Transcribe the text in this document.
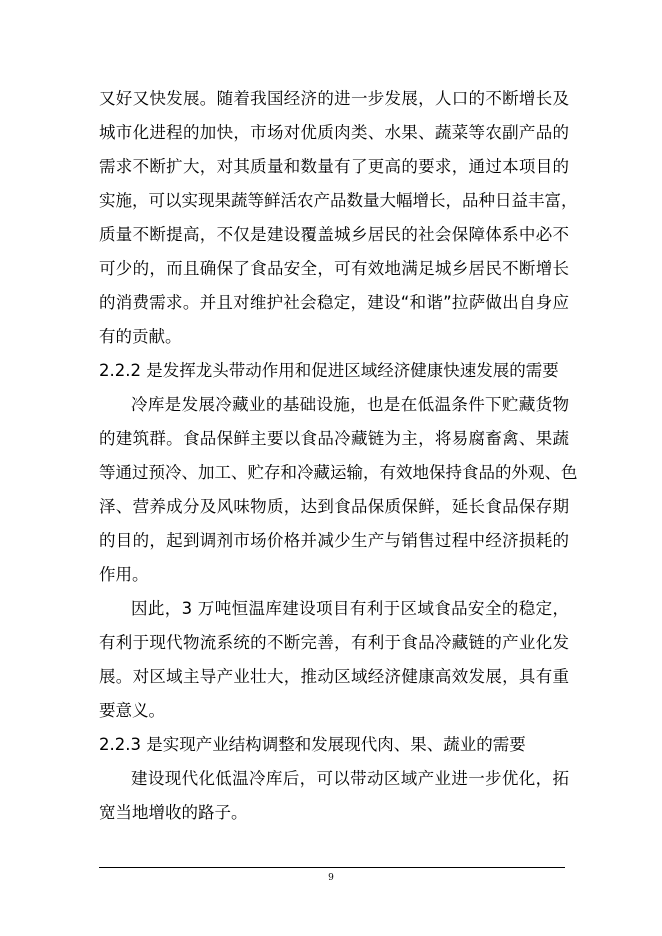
又好又快发展。随着我国经济的进一步发展，人口的不断增长及
城市化进程的加快，市场对优质肉类、水果、蔬菜等农副产品的
需求不断扩大，对其质量和数量有了更高的要求，通过本项目的
实施，可以实现果蔬等鲜活农产品数量大幅增长，品种日益丰富，
质量不断提高，不仅是建设覆盖城乡居民的社会保障体系中必不
可少的，而且确保了食品安全，可有效地满足城乡居民不断增长
的消费需求。并且对维护社会稳定，建设“和谐”拉萨做出自身应
有的贡献。
2.2.2 是发挥龙头带动作用和促进区域经济健康快速发展的需要
冷库是发展冷藏业的基础设施，也是在低温条件下贮藏货物
的建筑群。食品保鲜主要以食品冷藏链为主，将易腐畜禽、果蔬
等通过预冷、加工、贮存和冷藏运输，有效地保持食品的外观、色
泽、营养成分及风味物质，达到食品保质保鲜，延长食品保存期
的目的，起到调剂市场价格并减少生产与销售过程中经济损耗的
作用。
因此，3 万吨恒温库建设项目有利于区域食品安全的稳定，
有利于现代物流系统的不断完善，有利于食品冷藏链的产业化发
展。对区域主导产业壮大，推动区域经济健康高效发展，具有重
要意义。
2.2.3 是实现产业结构调整和发展现代肉、果、蔬业的需要
建设现代化低温冷库后，可以带动区域产业进一步优化，拓
宽当地增收的路子。
9
